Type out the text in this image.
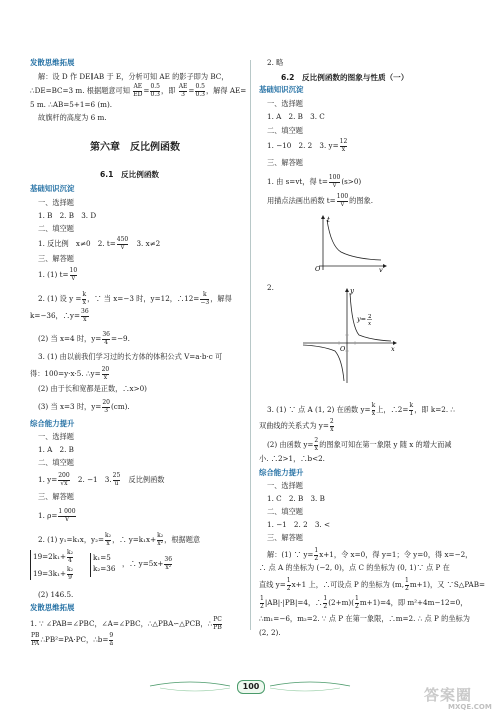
发散思维拓展
解：设 D 作 DE∥AB 于 E，分析可知 AE 的影子即为 BC，
∴DE=BC=3 m. 根据题意可知 $\frac{AE}{ED} = \frac{0.5}{0.3}$ ，即 $\frac{AE}{3} = \frac{0.5}{0.3}$ ，解得 AE=
5 m. ∴AB=5+1=6 (m).
故旗杆的高度为 6 m.
第六章　反比例函数
6.1　反比例函数
基础知识沉淀
一、选择题
1. B　2. B　3. D
二、填空题
1. 反比例　x≠0　2. $t= \frac{450}{v}$ 　3. x≠2
三、解答题
1. (1) $t= \frac{10}{v}$
2. (1) 设 $y = \frac{k}{x}$ ，∵ 当 x=−3 时，y=12，∴12= $\frac{k}{-3}$ ，解得
k=−36，∴y= $\frac{36}{x}$
(2) 当 x=4 时，$y= \frac{36}{4} =-9$.
3. (1) 由以前我们学习过的长方体的体积公式 V=a·b·c 可
得：100=y·x·5. ∴y= $\frac{20}{x}$
(2) 由于长和宽都是正数，∴x>0)
(3) 当 x=3 时，$y= \frac{20}{3} (cm)$.
综合能力提升
一、选择题
1. A　2. B
二、填空题
1. $y= \frac{200}{√x}$ 　2. −1　3. $\frac{25}{u}$ 　反比例函数
三、解答题
1. $\rho= \frac{1 000}{V}$
2. (1) y₁=k₁x，$y_2= \frac{\text{k₂}}{x}$ ，∴ $y=k_1x+ \frac{\text{k₂}}{\text{x²}}$ ，根据题意
$19=2k_1+ \frac{\text{k₂}}{4}$
$19=3k_1+ \frac{\text{k₂}}{9}$
k₁=5
k₂=36
，∴ $y=5x+ \frac{36}{\text{x²}}$
(2) 146.5.
发散思维拓展
1. ∵ ∠PAB=∠PBC，∠A=∠PBC，∴△PBA∽△PCB，∴ $\frac{PC}{PB}$
$\frac{PB}{PA}$ ∴PB²=PA·PC，∴b= $\frac{9}{a}$
2. 略
6.2　反比例函数的图象与性质（一）
基础知识沉淀
一、选择题
1. A　2. B　3. C
二、填空题
1. −10　2. 2　3. $y= \frac{12}{x}$
三、解答题
1. 由 s=vt，得 $t= \frac{100}{v} (s>0)$
用描点法画出函数 $t= \frac{100}{v}$ 的图象.
t
O	v
2.	y
O	x
y= 2
x
3. (1) ∵ 点 A (1, 2) 在函数 $y= \frac{k}{x}$ 上，∴2= $\frac{k}{1}$ ，即 k=2. ∴
双曲线的关系式为 $y= \frac{2}{x}$
(2) 由函数 $y= \frac{2}{x}$ 的图象可知在第一象限 y 随 x 的增大而减
小. ∴2>1，∴b<2.
综合能力提升
一、选择题
1. C　2. B　3. B
二、填空题
1. −1　2. 2　3. <
三、解答题
解：(1) ∵ $y= \frac{1}{2} x+1$，令 x=0，得 y=1；令 y=0，得 x=−2，
∴ 点 A 的坐标为 (−2, 0)，点 C 的坐标为 (0, 1)∵ 点 P 在
直线 $y= \frac{1}{2} x+1$ 上，∴可设点 P 的坐标为 (m, $\frac{1}{2} m+1$)，又 ∵S△PAB=
$\frac{1}{2} |AB|\cdot|PB|=4$，∴ $\frac{1}{2} (2+m)( \frac{1}{2} m+1)=4$，即 m²+4m−12=0，
∴m₁=−6，m₂=2. ∵ 点 P 在第一象限，∴m=2. ∴ 点 P 的坐标为
(2, 2).
100	答案圈
MXQE.COM
